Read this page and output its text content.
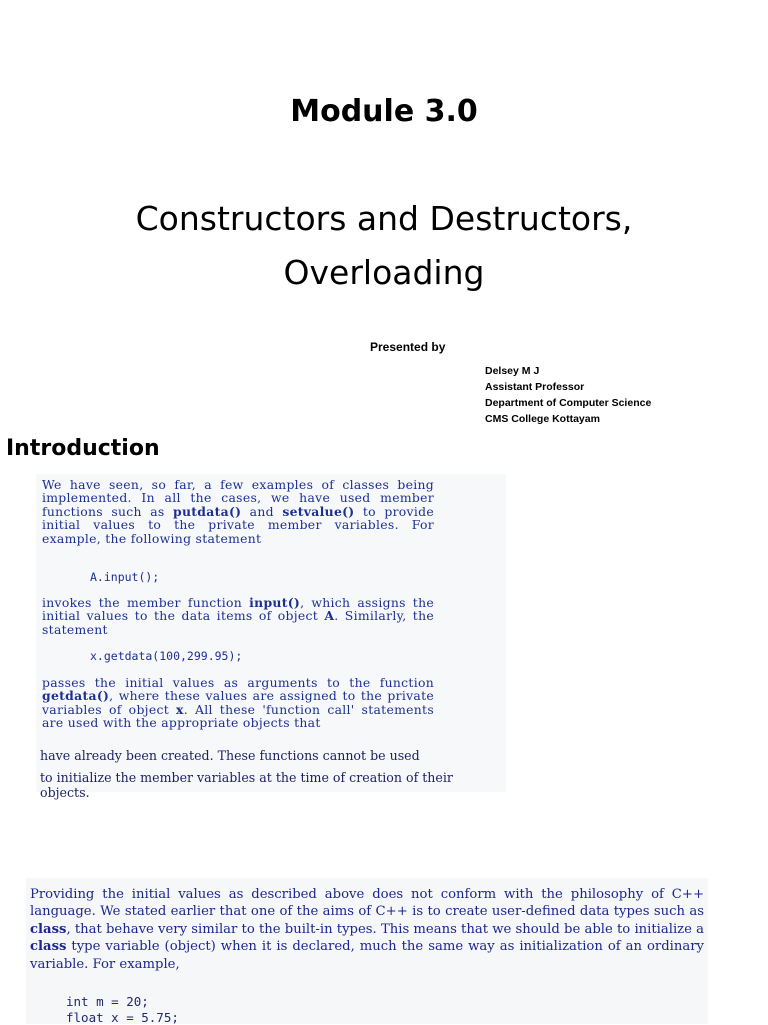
Module 3.0
Constructors and Destructors,
Overloading
Presented by
Delsey M J
Assistant Professor
Department of Computer Science
CMS College Kottayam
Introduction
We have seen, so far, a few examples of classes being implemented. In all the cases, we have used member functions such as putdata() and setvalue() to provide initial values to the private member variables. For example, the following statement
A.input();
invokes the member function input(), which assigns the initial values to the data items of object A. Similarly, the statement
x.getdata(100,299.95);
passes the initial values as arguments to the function getdata(), where these values are assigned to the private variables of object x. All these 'function call' statements are used with the appropriate objects that
have already been created. These functions cannot be used
to initialize the member variables at the time of creation of their objects.
Providing the initial values as described above does not conform with the philosophy of C++ language. We stated earlier that one of the aims of C++ is to create user-defined data types such as class, that behave very similar to the built-in types. This means that we should be able to initialize a class type variable (object) when it is declared, much the same way as initialization of an ordinary variable. For example,
int m = 20;
float x = 5.75;
